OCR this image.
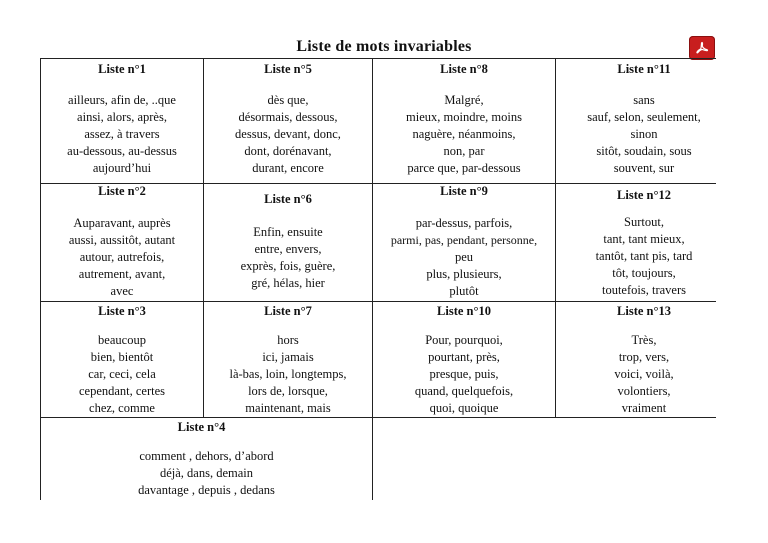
Liste de mots invariables
Liste n°1
ailleurs, afin de, ..que
ainsi, alors, après,
assez, à travers
au-dessous, au-dessus
aujourd’hui
Liste n°5
dès que,
désormais, dessous,
dessus, devant, donc,
dont, dorénavant,
durant, encore
Liste n°8
Malgré,
mieux, moindre, moins
naguère, néanmoins,
non, par
parce que, par-dessous
Liste n°11
sans
sauf, selon, seulement,
sinon
sitôt, soudain, sous
souvent, sur
Liste n°2
Auparavant, auprès
aussi, aussitôt, autant
autour, autrefois,
autrement, avant,
avec
Liste n°6
Enfin, ensuite
entre, envers,
exprès, fois, guère,
gré, hélas, hier
Liste n°9
par-dessus, parfois,
parmi, pas, pendant, personne,
peu
plus, plusieurs,
plutôt
Liste n°12
Surtout,
tant, tant mieux,
tantôt, tant pis, tard
tôt, toujours,
toutefois, travers
Liste n°3
beaucoup
bien, bientôt
car, ceci, cela
cependant, certes
chez, comme
Liste n°7
hors
ici, jamais
là-bas, loin, longtemps,
lors de, lorsque,
maintenant, mais
Liste n°10
Pour, pourquoi,
pourtant, près,
presque, puis,
quand, quelquefois,
quoi, quoique
Liste n°13
Très,
trop, vers,
voici, voilà,
volontiers,
vraiment
Liste n°4
comment , dehors, d’abord
déjà, dans, demain
davantage , depuis , dedans
